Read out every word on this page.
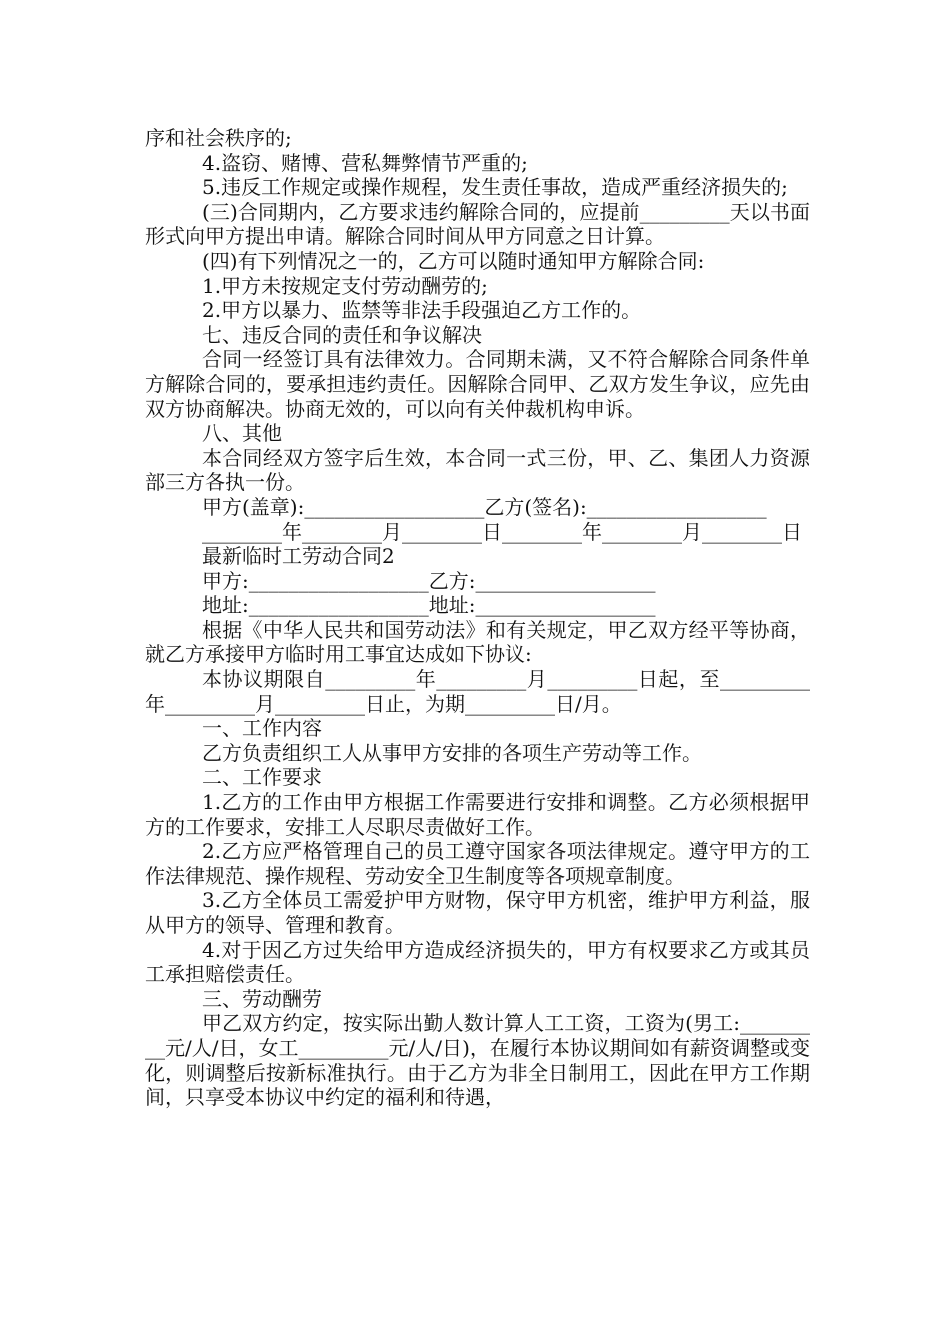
序和社会秩序的;

4.盗窃、赌博、营私舞弊情节严重的;

5.违反工作规定或操作规程，发生责任事故，造成严重经济损失的;

(三)合同期内，乙方要求违约解除合同的，应提前_________天以书面形式向甲方提出申请。解除合同时间从甲方同意之日计算。

(四)有下列情况之一的，乙方可以随时通知甲方解除合同:

1.甲方未按规定支付劳动酬劳的;

2.甲方以暴力、监禁等非法手段强迫乙方工作的。

七、违反合同的责任和争议解决

合同一经签订具有法律效力。合同期未满，又不符合解除合同条件单方解除合同的，要承担违约责任。因解除合同甲、乙双方发生争议，应先由双方协商解决。协商无效的，可以向有关仲裁机构申诉。

八、其他

本合同经双方签字后生效，本合同一式三份，甲、乙、集团人力资源部三方各执一份。

甲方(盖章):__________________乙方(签名):__________________

________年________月________日________年________月________日

最新临时工劳动合同2

甲方:__________________乙方:__________________

地址:__________________地址:__________________

根据《中华人民共和国劳动法》和有关规定，甲乙双方经平等协商，就乙方承接甲方临时用工事宜达成如下协议:

本协议期限自_________年_________月_________日起，至_________年_________月_________日止，为期_________日/月。

一、工作内容

乙方负责组织工人从事甲方安排的各项生产劳动等工作。

二、工作要求

1.乙方的工作由甲方根据工作需要进行安排和调整。乙方必须根据甲方的工作要求，安排工人尽职尽责做好工作。

2.乙方应严格管理自己的员工遵守国家各项法律规定。遵守甲方的工作法律规范、操作规程、劳动安全卫生制度等各项规章制度。

3.乙方全体员工需爱护甲方财物，保守甲方机密，维护甲方利益，服从甲方的领导、管理和教育。

4.对于因乙方过失给甲方造成经济损失的，甲方有权要求乙方或其员工承担赔偿责任。

三、劳动酬劳

甲乙双方约定，按实际出勤人数计算人工工资，工资为(男工:_________元/人/日，女工_________元/人/日)，在履行本协议期间如有薪资调整或变化，则调整后按新标准执行。由于乙方为非全日制用工，因此在甲方工作期间，只享受本协议中约定的福利和待遇，
